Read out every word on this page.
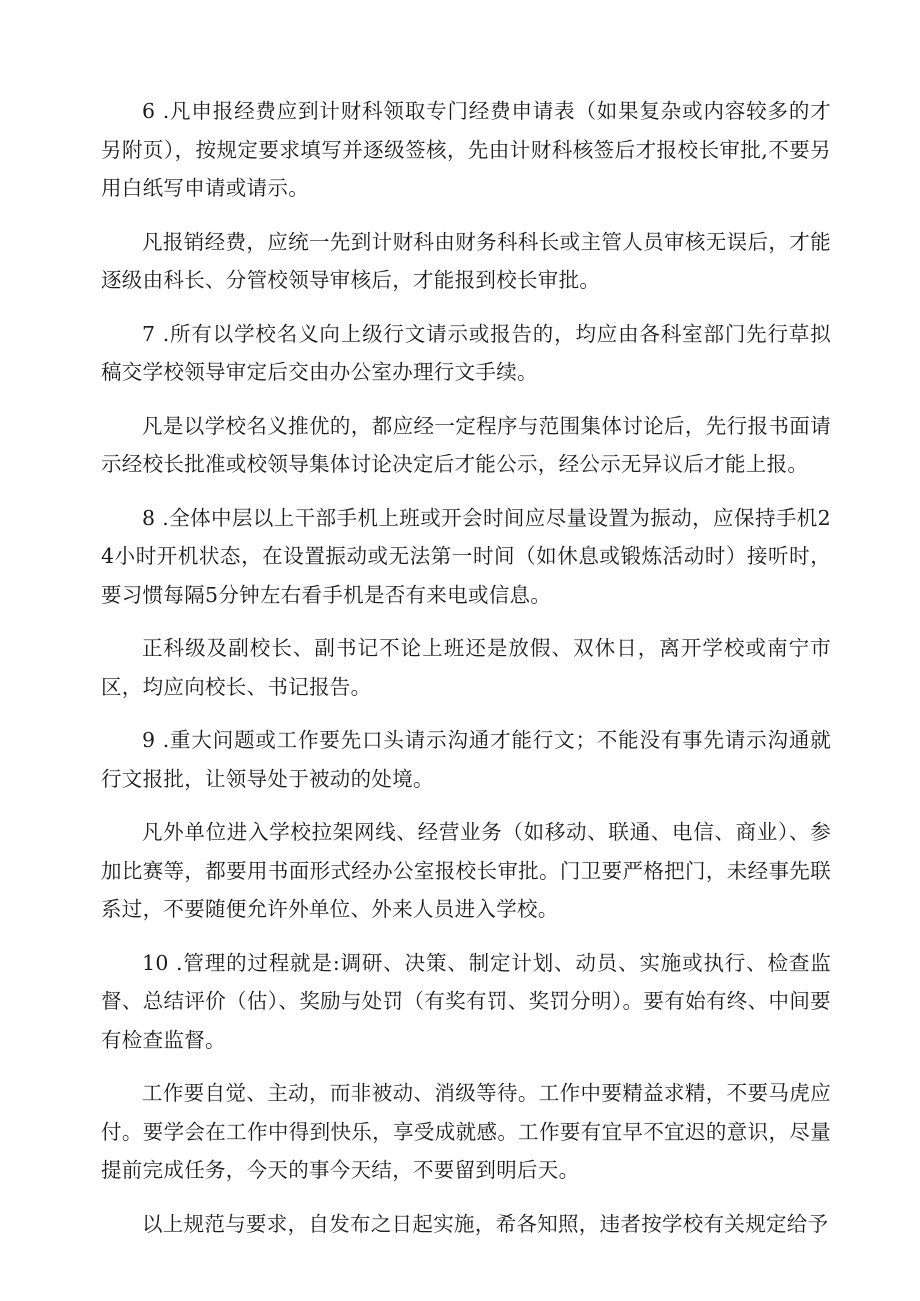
6 .凡申报经费应到计财科领取专门经费申请表（如果复杂或内容较多的才另附页），按规定要求填写并逐级签核，先由计财科核签后才报校长审批,不要另用白纸写申请或请示。

凡报销经费，应统一先到计财科由财务科科长或主管人员审核无误后，才能逐级由科长、分管校领导审核后，才能报到校长审批。

7 .所有以学校名义向上级行文请示或报告的，均应由各科室部门先行草拟稿交学校领导审定后交由办公室办理行文手续。

凡是以学校名义推优的，都应经一定程序与范围集体讨论后，先行报书面请示经校长批准或校领导集体讨论决定后才能公示，经公示无异议后才能上报。

8 .全体中层以上干部手机上班或开会时间应尽量设置为振动，应保持手机24小时开机状态，在设置振动或无法第一时间（如休息或锻炼活动时）接听时，要习惯每隔5分钟左右看手机是否有来电或信息。

正科级及副校长、副书记不论上班还是放假、双休日，离开学校或南宁市区，均应向校长、书记报告。

9 .重大问题或工作要先口头请示沟通才能行文；不能没有事先请示沟通就行文报批，让领导处于被动的处境。

凡外单位进入学校拉架网线、经营业务（如移动、联通、电信、商业）、参加比赛等，都要用书面形式经办公室报校长审批。门卫要严格把门，未经事先联系过，不要随便允许外单位、外来人员进入学校。

10 .管理的过程就是:调研、决策、制定计划、动员、实施或执行、检查监督、总结评价（估）、奖励与处罚（有奖有罚、奖罚分明）。要有始有终、中间要有检查监督。

工作要自觉、主动，而非被动、消级等待。工作中要精益求精，不要马虎应付。要学会在工作中得到快乐，享受成就感。工作要有宜早不宜迟的意识，尽量提前完成任务，今天的事今天结，不要留到明后天。

以上规范与要求，自发布之日起实施，希各知照，违者按学校有关规定给予
